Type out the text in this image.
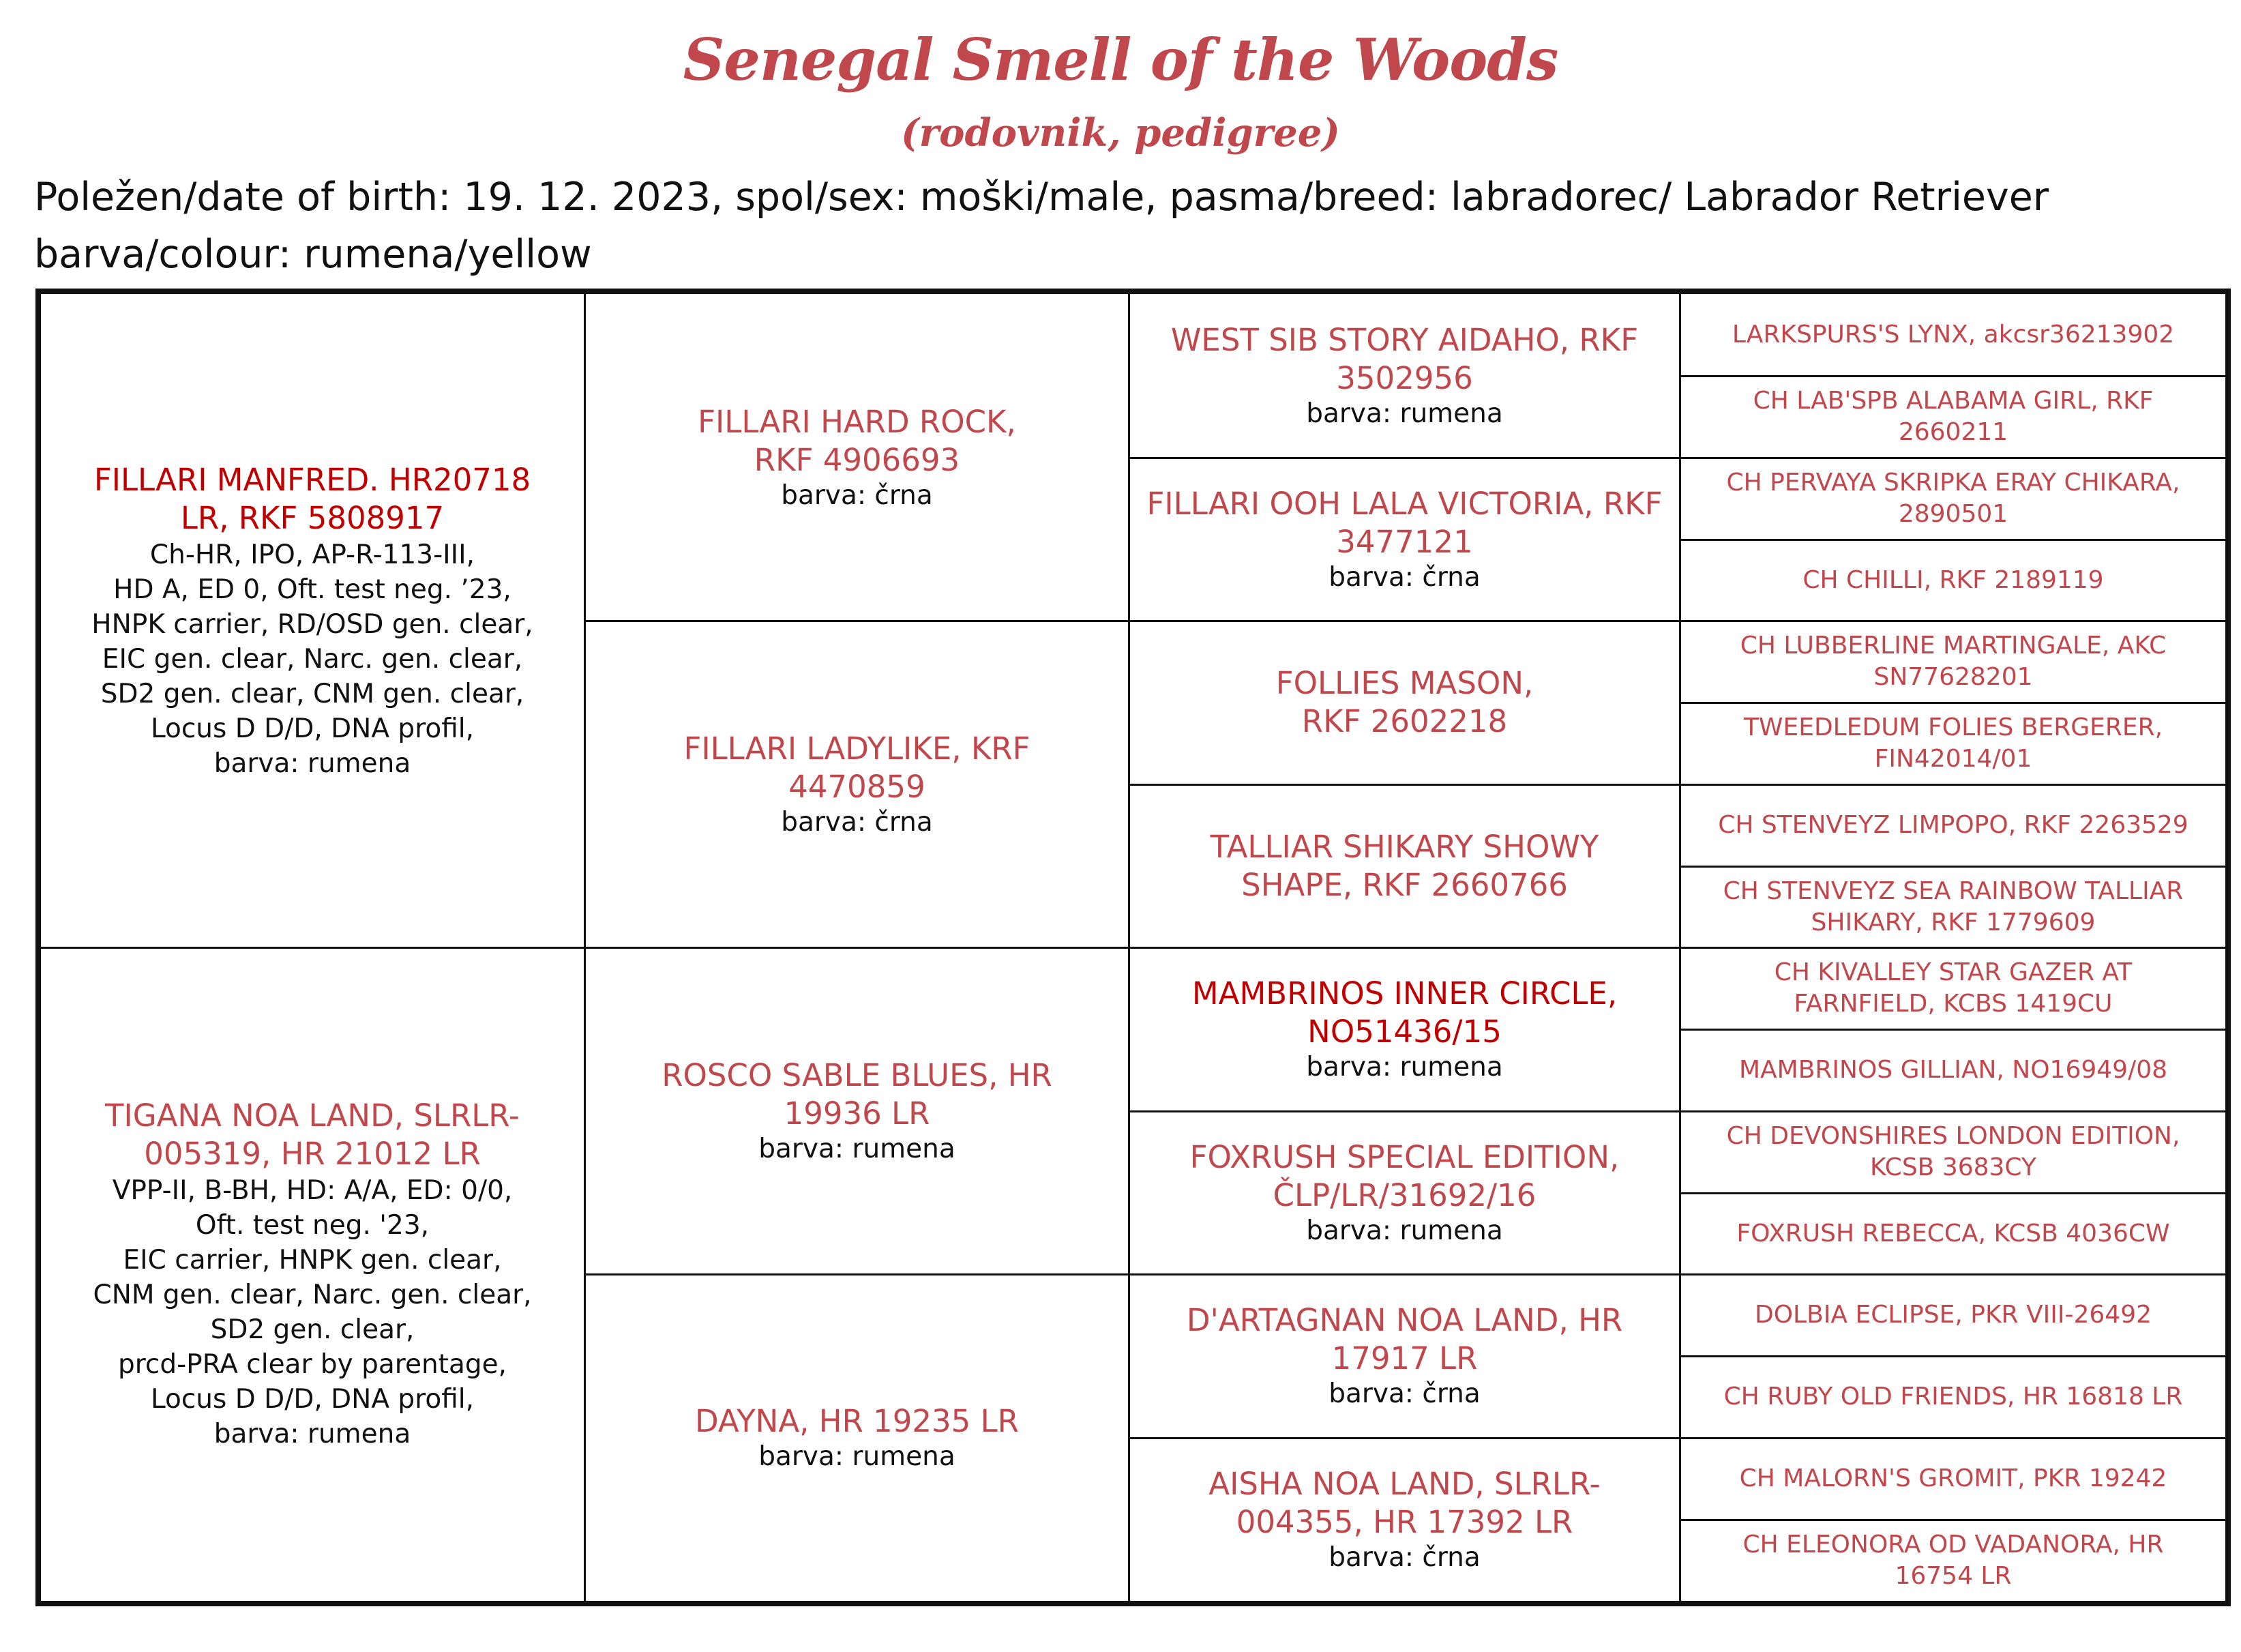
Senegal Smell of the Woods
(rodovnik, pedigree)
Poležen/date of birth: 19. 12. 2023, spol/sex: moški/male, pasma/breed: labradorec/ Labrador Retriever
barva/colour: rumena/yellow
FILLARI MANFRED. HR20718 LR, RKF 5808917
Ch-HR, IPO, AP-R-113-III,
HD A, ED 0, Oft. test neg. ’23,
HNPK carrier, RD/OSD gen. clear,
EIC gen. clear, Narc. gen. clear,
SD2 gen. clear, CNM gen. clear,
Locus D D/D, DNA profil,
barva: rumena
TIGANA NOA LAND, SLRLR-005319, HR 21012 LR
VPP-II, B-BH, HD: A/A, ED: 0/0,
Oft. test neg. '23,
EIC carrier, HNPK gen. clear,
CNM gen. clear, Narc. gen. clear,
SD2 gen. clear,
prcd-PRA clear by parentage,
Locus D D/D, DNA profil,
barva: rumena
FILLARI HARD ROCK, RKF 4906693
barva: črna
FILLARI LADYLIKE, KRF 4470859
barva: črna
ROSCO SABLE BLUES, HR 19936 LR
barva: rumena
DAYNA, HR 19235 LR
barva: rumena
WEST SIB STORY AIDAHO, RKF 3502956
barva: rumena
FILLARI OOH LALA VICTORIA, RKF 3477121
barva: črna
FOLLIES MASON, RKF 2602218
TALLIAR SHIKARY SHOWY SHAPE, RKF 2660766
MAMBRINOS INNER CIRCLE, NO51436/15
barva: rumena
FOXRUSH SPECIAL EDITION, ČLP/LR/31692/16
barva: rumena
D'ARTAGNAN NOA LAND, HR 17917 LR
barva: črna
AISHA NOA LAND, SLRLR-004355, HR 17392 LR
barva: črna
LARKSPURS'S LYNX, akcsr36213902
CH LAB'SPB ALABAMA GIRL, RKF 2660211
CH PERVAYA SKRIPKA ERAY CHIKARA, 2890501
CH CHILLI, RKF 2189119
CH LUBBERLINE MARTINGALE, AKC SN77628201
TWEEDLEDUM FOLIES BERGERER, FIN42014/01
CH STENVEYZ LIMPOPO, RKF 2263529
CH STENVEYZ SEA RAINBOW TALLIAR SHIKARY, RKF 1779609
CH KIVALLEY STAR GAZER AT FARNFIELD, KCBS 1419CU
MAMBRINOS GILLIAN, NO16949/08
CH DEVONSHIRES LONDON EDITION, KCSB 3683CY
FOXRUSH REBECCA, KCSB 4036CW
DOLBIA ECLIPSE, PKR VIII-26492
CH RUBY OLD FRIENDS, HR 16818 LR
CH MALORN'S GROMIT, PKR 19242
CH ELEONORA OD VADANORA, HR 16754 LR
